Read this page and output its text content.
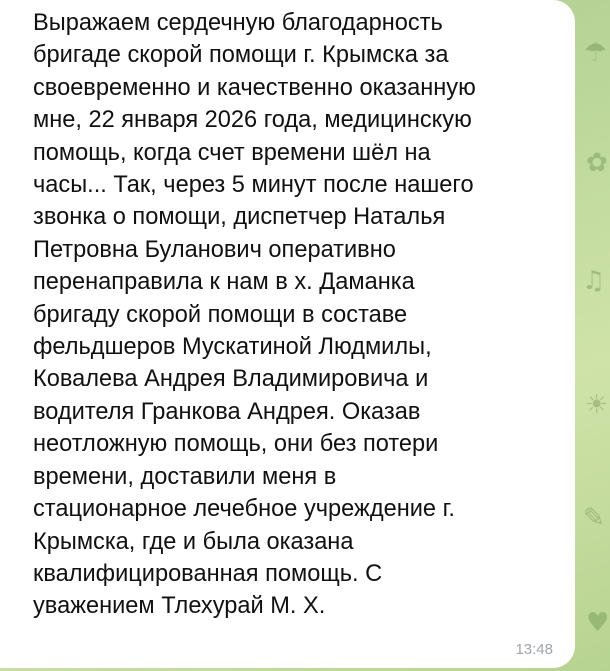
☂
✿
♫
☀
✎
♥

Выражаем сердечную благодарность
бригаде скорой помощи г. Крымска за
своевременно и качественно оказанную
мне, 22 января 2026 года, медицинскую
помощь, когда счет времени шёл на
часы... Так, через 5 минут после нашего
звонка о помощи, диспетчер Наталья
Петровна Буланович оперативно
перенаправила к нам в х. Даманка
бригаду скорой помощи в составе
фельдшеров Мускатиной Людмилы,
Ковалева Андрея Владимировича и
водителя Гранкова Андрея. Оказав
неотложную помощь, они без потери
времени, доставили меня в
стационарное лечебное учреждение г.
Крымска, где и была оказана
квалифицированная помощь. С
уважением Тлехурай М. Х.

13:48
